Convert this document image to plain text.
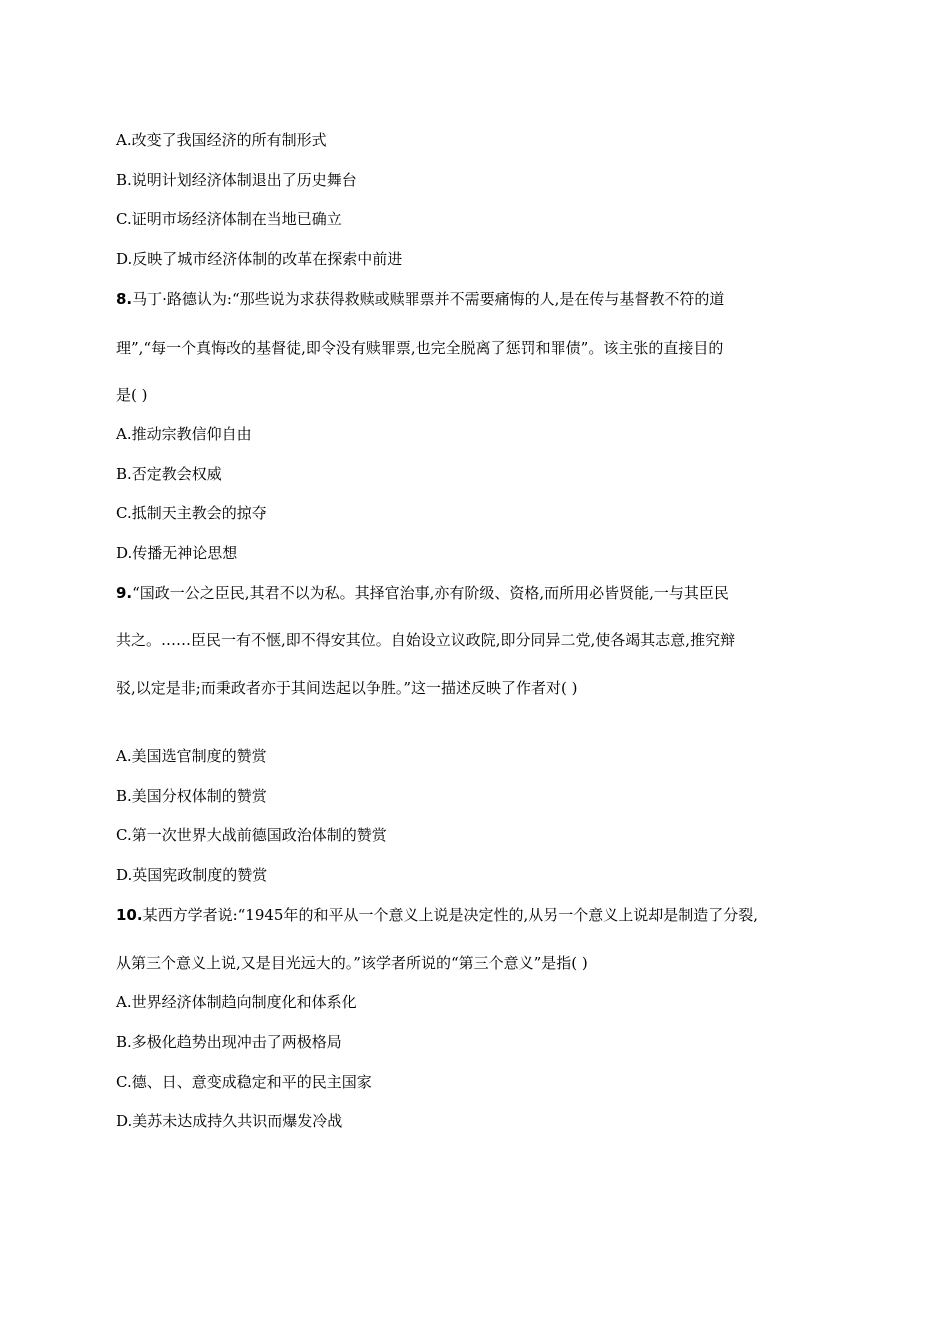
A.改变了我国经济的所有制形式
B.说明计划经济体制退出了历史舞台
C.证明市场经济体制在当地已确立
D.反映了城市经济体制的改革在探索中前进
8.马丁·路德认为:“那些说为求获得救赎或赎罪票并不需要痛悔的人,是在传与基督教不符的道
理”,“每一个真悔改的基督徒,即令没有赎罪票,也完全脱离了惩罚和罪债”。该主张的直接目的
是( )
A.推动宗教信仰自由
B.否定教会权威
C.抵制天主教会的掠夺
D.传播无神论思想
9.“国政一公之臣民,其君不以为私。其择官治事,亦有阶级、资格,而所用必皆贤能,一与其臣民
共之。……臣民一有不惬,即不得安其位。自始设立议政院,即分同异二党,使各竭其志意,推究辩
驳,以定是非;而秉政者亦于其间迭起以争胜。”这一描述反映了作者对( )
A.美国选官制度的赞赏
B.美国分权体制的赞赏
C.第一次世界大战前德国政治体制的赞赏
D.英国宪政制度的赞赏
10.某西方学者说:“1945年的和平从一个意义上说是决定性的,从另一个意义上说却是制造了分裂,
从第三个意义上说,又是目光远大的。”该学者所说的“第三个意义”是指( )
A.世界经济体制趋向制度化和体系化
B.多极化趋势出现冲击了两极格局
C.德、日、意变成稳定和平的民主国家
D.美苏未达成持久共识而爆发冷战
